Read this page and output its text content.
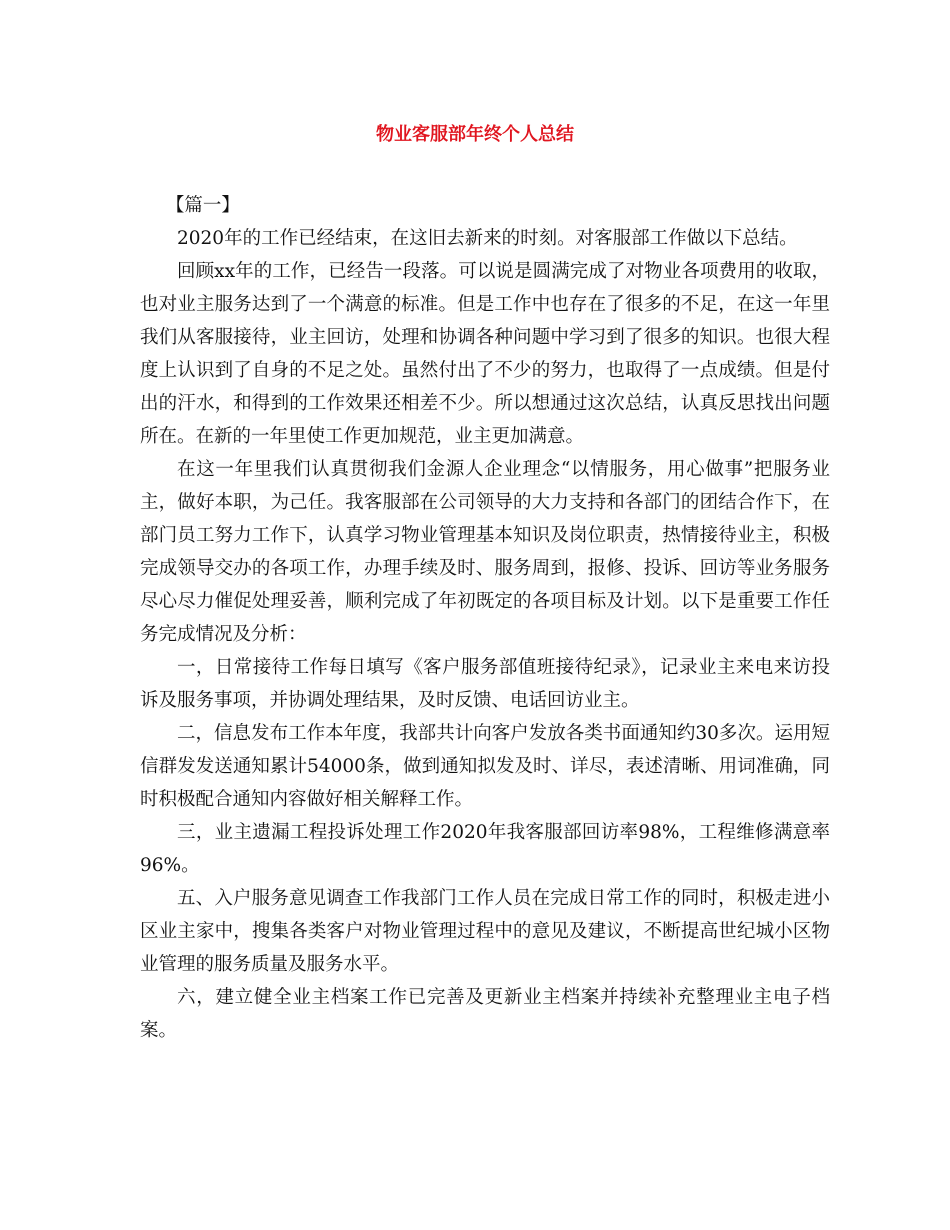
物业客服部年终个人总结

【篇一】

2020年的工作已经结束，在这旧去新来的时刻。对客服部工作做以下总结。

回顾xx年的工作，已经告一段落。可以说是圆满完成了对物业各项费用的收取，也对业主服务达到了一个满意的标准。但是工作中也存在了很多的不足，在这一年里我们从客服接待，业主回访，处理和协调各种问题中学习到了很多的知识。也很大程度上认识到了自身的不足之处。虽然付出了不少的努力，也取得了一点成绩。但是付出的汗水，和得到的工作效果还相差不少。所以想通过这次总结，认真反思找出问题所在。在新的一年里使工作更加规范，业主更加满意。

在这一年里我们认真贯彻我们金源人企业理念“以情服务，用心做事”把服务业主，做好本职，为己任。我客服部在公司领导的大力支持和各部门的团结合作下，在部门员工努力工作下，认真学习物业管理基本知识及岗位职责，热情接待业主，积极完成领导交办的各项工作，办理手续及时、服务周到，报修、投诉、回访等业务服务尽心尽力催促处理妥善，顺利完成了年初既定的各项目标及计划。以下是重要工作任务完成情况及分析：

一，日常接待工作每日填写《客户服务部值班接待纪录》，记录业主来电来访投诉及服务事项，并协调处理结果，及时反馈、电话回访业主。

二，信息发布工作本年度，我部共计向客户发放各类书面通知约30多次。运用短信群发发送通知累计54000条，做到通知拟发及时、详尽，表述清晰、用词准确，同时积极配合通知内容做好相关解释工作。

三，业主遗漏工程投诉处理工作2020年我客服部回访率98%，工程维修满意率96%。

五、入户服务意见调查工作我部门工作人员在完成日常工作的同时，积极走进小区业主家中，搜集各类客户对物业管理过程中的意见及建议，不断提高世纪城小区物业管理的服务质量及服务水平。

六，建立健全业主档案工作已完善及更新业主档案并持续补充整理业主电子档案。
